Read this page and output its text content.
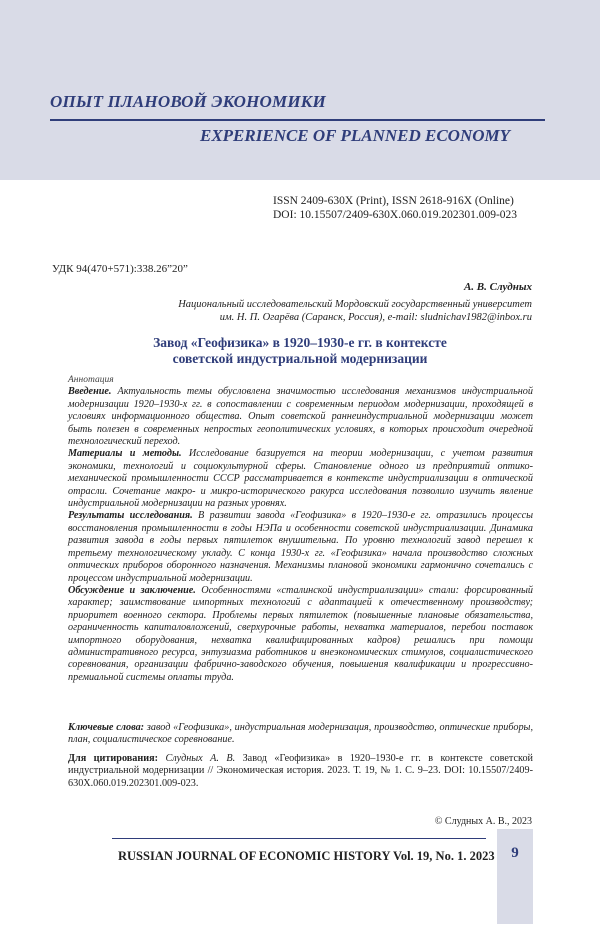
ОПЫТ ПЛАНОВОЙ ЭКОНОМИКИ
EXPERIENCE OF PLANNED ECONOMY
ISSN 2409-630X (Print), ISSN 2618-916X (Online)
DOI: 10.15507/2409-630X.060.019.202301.009-023
УДК 94(470+571):338.26”20”
А. В. Слудных
Национальный исследовательский Мордовский государственный университет
им. Н. П. Огарёва (Саранск, Россия), e-mail: sludnichav1982@inbox.ru
Завод «Геофизика» в 1920–1930-е гг. в контексте
советской индустриальной модернизации
Аннотация

Введение. Актуальность темы обусловлена значимостью исследования механизмов индустриальной модернизации 1920–1930-х гг. в сопоставлении с современным периодом модернизации, проходящей в условиях информационного общества. Опыт советской раннеиндустриальной модернизации может быть полезен в современных непростых геополитических условиях, в которых происходит очередной технологический переход.

Материалы и методы. Исследование базируется на теории модернизации, с учетом развития экономики, технологий и социокультурной сферы. Становление одного из предприятий оптико-механической промышленности СССР рассматривается в контексте индустриализации в оптической отрасли. Сочетание макро- и микро-исторического ракурса исследования позволило изучить явление индустриальной модернизации на разных уровнях.

Результаты исследования. В развитии завода «Геофизика» в 1920–1930-е гг. отразились процессы восстановления промышленности в годы НЭПа и особенности советской индустриализации. Динамика развития завода в годы первых пятилеток внушительна. По уровню технологий завод перешел к третьему технологическому укладу. С конца 1930-х гг. «Геофизика» начала производство сложных оптических приборов оборонного назначения. Механизмы плановой экономики гармонично сочетались с процессом индустриальной модернизации.

Обсуждение и заключение. Особенностями «сталинской индустриализации» стали: форсированный характер; заимствование импортных технологий с адаптацией к отечественному производству; приоритет военного сектора. Проблемы первых пятилеток (повышенные плановые обязательства, ограниченность капиталовложений, сверхурочные работы, нехватка материалов, перебои поставок импортного оборудования, нехватка квалифицированных кадров) решались при помощи административного ресурса, энтузиазма работников и внеэкономических стимулов, социалистического соревнования, организации фабрично-заводского обучения, повышения квалификации и прогрессивно-премиальной системы оплаты труда.

Ключевые слова: завод «Геофизика», индустриальная модернизация, производство, оптические приборы, план, социалистическое соревнование.
Для цитирования: Слудных А. В. Завод «Геофизика» в 1920–1930-е гг. в контексте советской индустриальной модернизации // Экономическая история. 2023. Т. 19, № 1. С. 9–23. DOI: 10.15507/2409-630X.060.019.202301.009-023.
© Слудных А. В., 2023
RUSSIAN JOURNAL OF ECONOMIC HISTORY Vol. 19, No. 1. 2023	9
